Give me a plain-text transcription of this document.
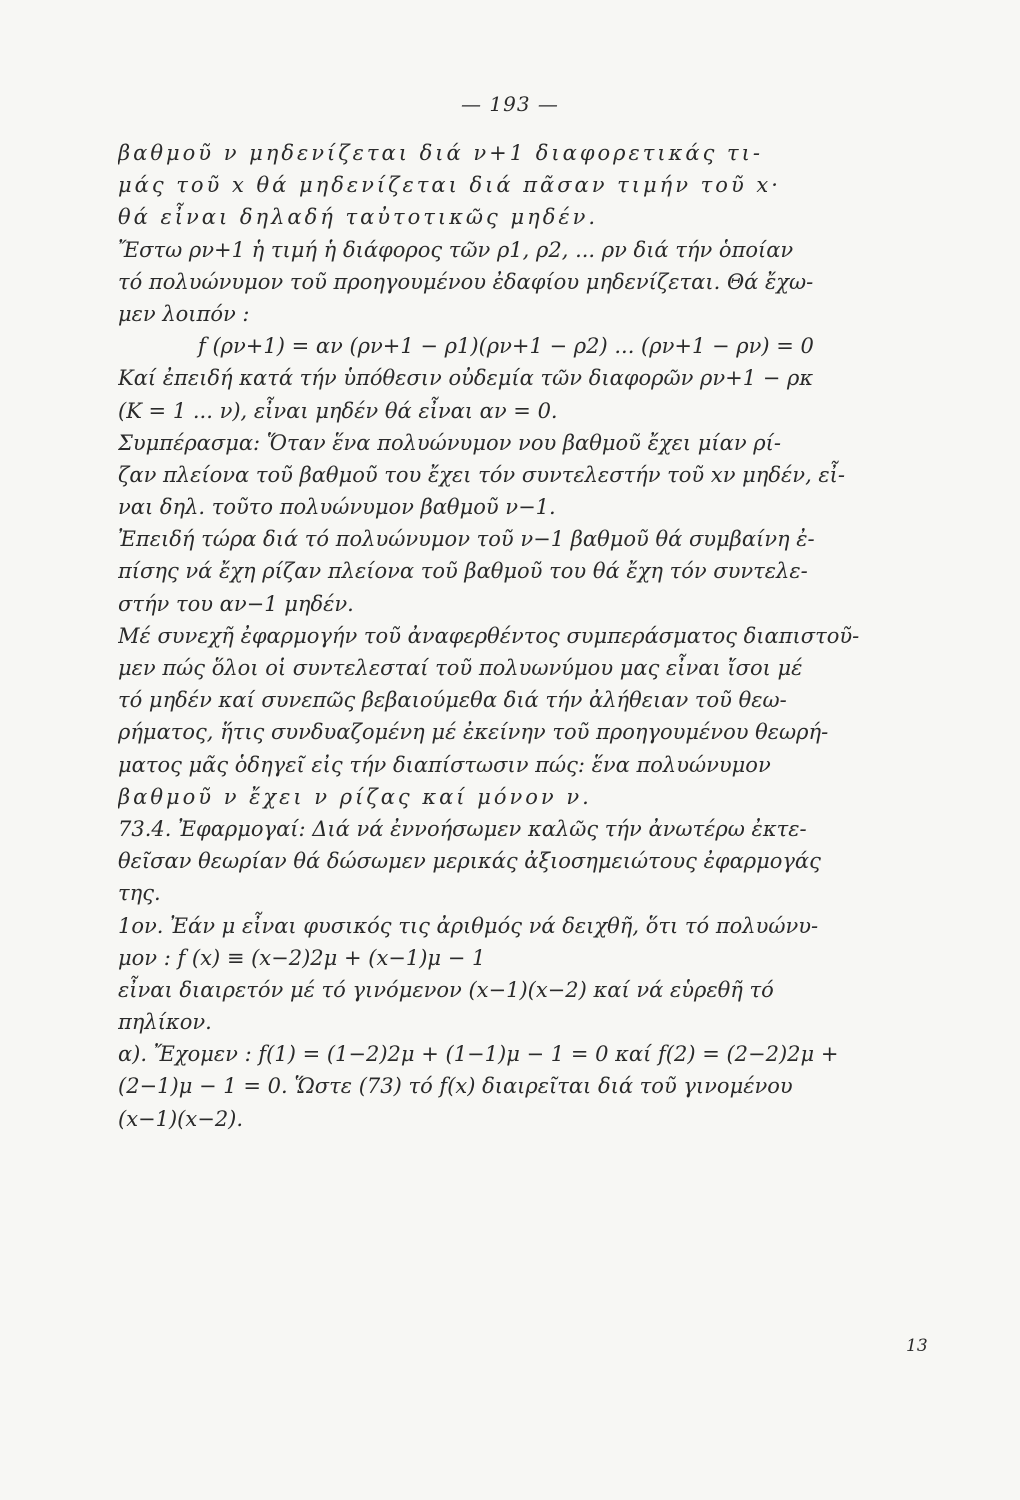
— 193 —
βαθμοῦ ν μηδενίζεται διά ν+1 διαφορετικάς τι-
μάς τοῦ x θά μηδενίζεται διά πᾶσαν τιμήν τοῦ x·
θά εἶναι δηλαδή ταὐτοτικῶς μηδέν.
Ἔστω ρν+1 ἡ τιμή ἡ διάφορος τῶν ρ1, ρ2, ... ρν διά τήν ὁποίαν
τό πολυώνυμον τοῦ προηγουμένου ἐδαφίου μηδενίζεται. Θά ἔχω-
μεν λοιπόν :
f (ρν+1) = αν (ρν+1 − ρ1)(ρν+1 − ρ2) ... (ρν+1 − ρν) = 0
Καί ἐπειδή κατά τήν ὑπόθεσιν οὐδεμία τῶν διαφορῶν ρν+1 − ρκ
(Κ = 1 ... ν), εἶναι μηδέν θά εἶναι αν = 0.
Συμπέρασμα: Ὅταν ἕνα πολυώνυμον νου βαθμοῦ ἔχει μίαν ρί-
ζαν πλείονα τοῦ βαθμοῦ του ἔχει τόν συντελεστήν τοῦ xν μηδέν, εἶ-
ναι δηλ. τοῦτο πολυώνυμον βαθμοῦ ν−1.
Ἐπειδή τώρα διά τό πολυώνυμον τοῦ ν−1 βαθμοῦ θά συμβαίνη ἐ-
πίσης νά ἔχη ρίζαν πλείονα τοῦ βαθμοῦ του θά ἔχη τόν συντελε-
στήν του αν−1 μηδέν.
Μέ συνεχῆ ἐφαρμογήν τοῦ ἀναφερθέντος συμπεράσματος διαπιστοῦ-
μεν πώς ὅλοι οἱ συντελεσταί τοῦ πολυωνύμου μας εἶναι ἴσοι μέ
τό μηδέν καί συνεπῶς βεβαιούμεθα διά τήν ἀλήθειαν τοῦ θεω-
ρήματος, ἥτις συνδυαζομένη μέ ἐκείνην τοῦ προηγουμένου θεωρή-
ματος μᾶς ὁδηγεῖ εἰς τήν διαπίστωσιν πώς: ἕνα πολυώνυμον
βαθμοῦ ν ἔχει ν ρίζας καί μόνον ν.
73.4. Ἐφαρμογαί: Διά νά ἐννοήσωμεν καλῶς τήν ἀνωτέρω ἐκτε-
θεῖσαν θεωρίαν θά δώσωμεν μερικάς ἀξιοσημειώτους ἐφαρμογάς
της.
1ον. Ἐάν μ εἶναι φυσικός τις ἀριθμός νά δειχθῆ, ὅτι τό πολυώνυ-
μον : f (x) ≡ (x−2)2μ + (x−1)μ − 1
εἶναι διαιρετόν μέ τό γινόμενον (x−1)(x−2) καί νά εὑρεθῆ τό
πηλίκον.
α). Ἔχομεν : f(1) = (1−2)2μ + (1−1)μ − 1 = 0 καί f(2) = (2−2)2μ +
(2−1)μ − 1 = 0. Ὥστε (73) τό f(x) διαιρεῖται διά τοῦ γινομένου
(x−1)(x−2).
13
